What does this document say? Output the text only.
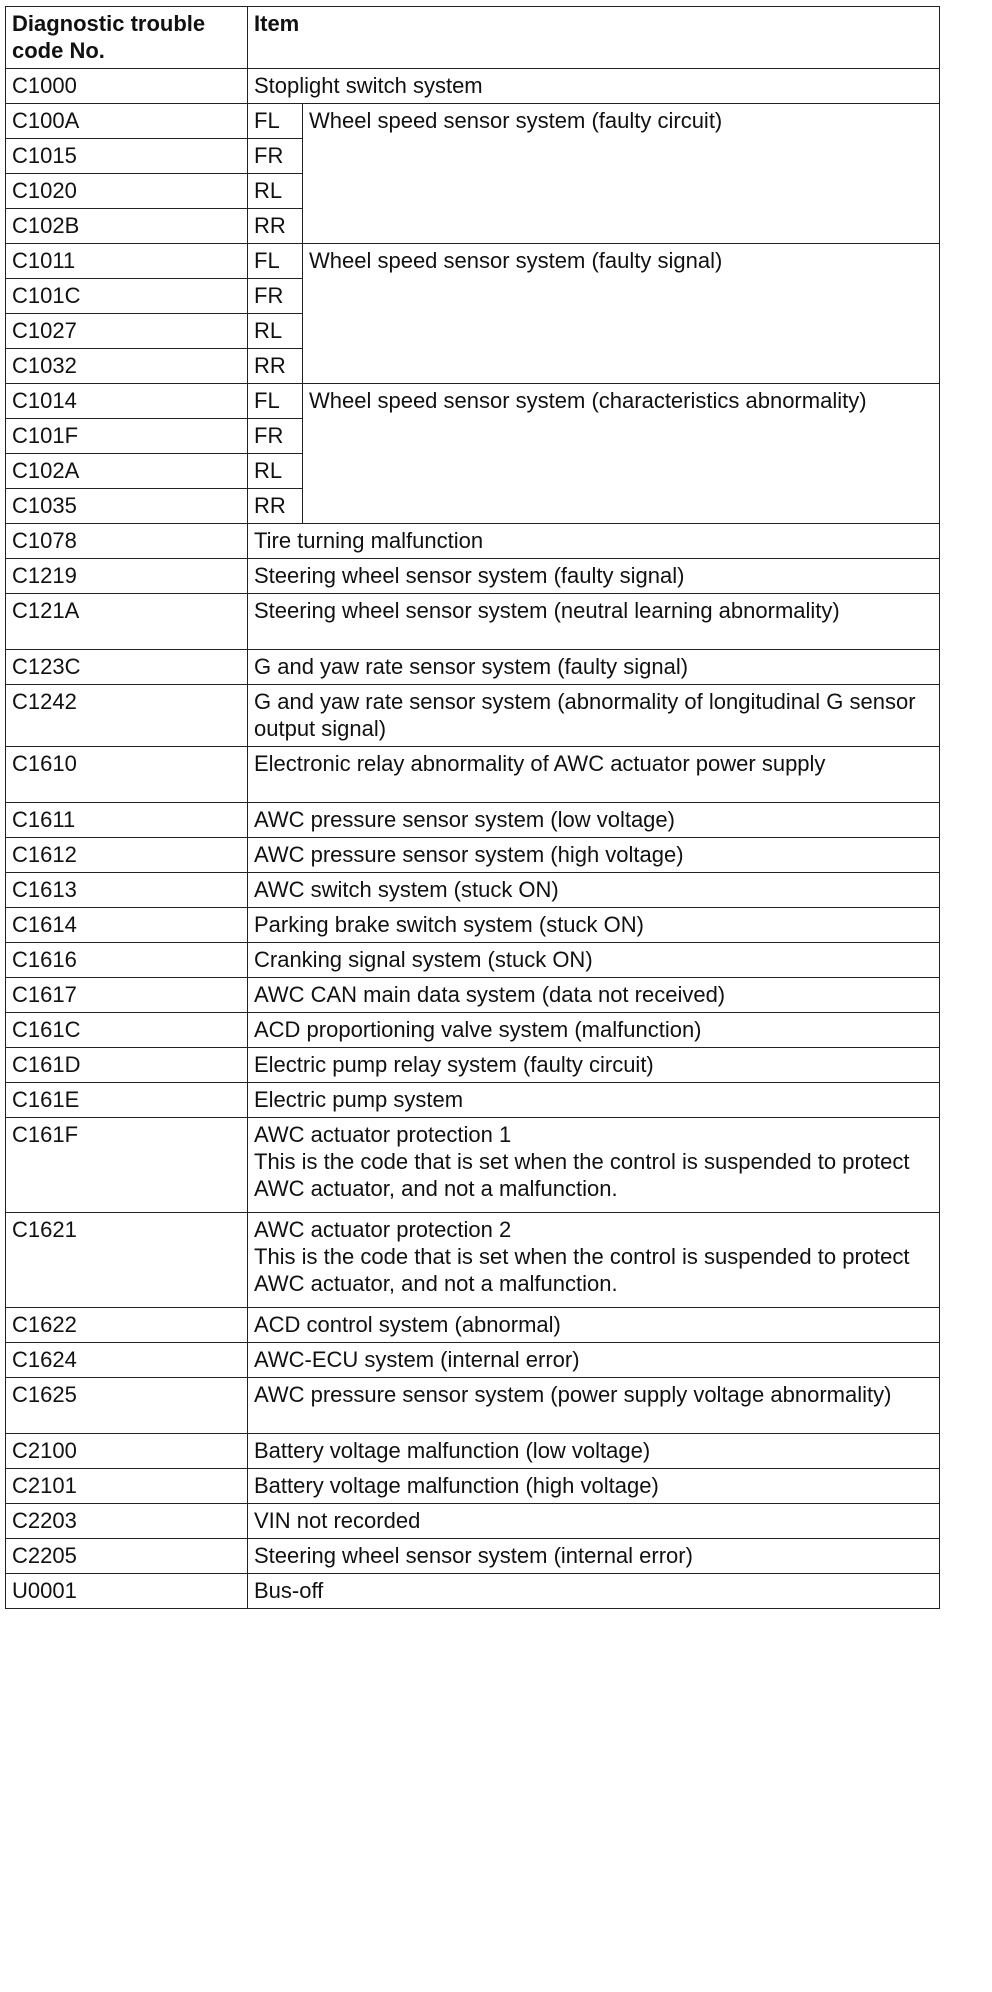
Diagnostic trouble code No.	Item	
C1000	Stoplight switch system	

C100A	FL	Wheel speed sensor system (faulty circuit)
C1015	FR	
C1020	RL	
C102B	RR	
C1011	FL	Wheel speed sensor system (faulty signal)
C101C	FR	
C1027	RL	
C1032	RR	
C1014	FL	Wheel speed sensor system (characteristics abnormality)
C101F	FR	
C102A	RL	
C1035	RR	
C1078	Tire turning malfunction	

C1219	Steering wheel sensor system (faulty signal)	

C121A	Steering wheel sensor system (neutral learning abnormality)	

C123C	G and yaw rate sensor system (faulty signal)	

C1242	G and yaw rate sensor system (abnormality of longitudinal G sensor output signal)	

C1610	Electronic relay abnormality of AWC actuator power supply	

C1611	AWC pressure sensor system (low voltage)	

C1612	AWC pressure sensor system (high voltage)	

C1613	AWC switch system (stuck ON)	

C1614	Parking brake switch system (stuck ON)	

C1616	Cranking signal system (stuck ON)	

C1617	AWC CAN main data system (data not received)	

C161C	ACD proportioning valve system (malfunction)	

C161D	Electric pump relay system (faulty circuit)	

C161E	Electric pump system	

C161F	AWC actuator protection 1
This is the code that is set when the control is suspended to protect AWC actuator, and not a malfunction.	

C1621	AWC actuator protection 2
This is the code that is set when the control is suspended to protect AWC actuator, and not a malfunction.	

C1622	ACD control system (abnormal)	

C1624	AWC-ECU system (internal error)	

C1625	AWC pressure sensor system (power supply voltage abnormality)	

C2100	Battery voltage malfunction (low voltage)	

C2101	Battery voltage malfunction (high voltage)	

C2203	VIN not recorded	

C2205	Steering wheel sensor system (internal error)	

U0001	Bus-off	
